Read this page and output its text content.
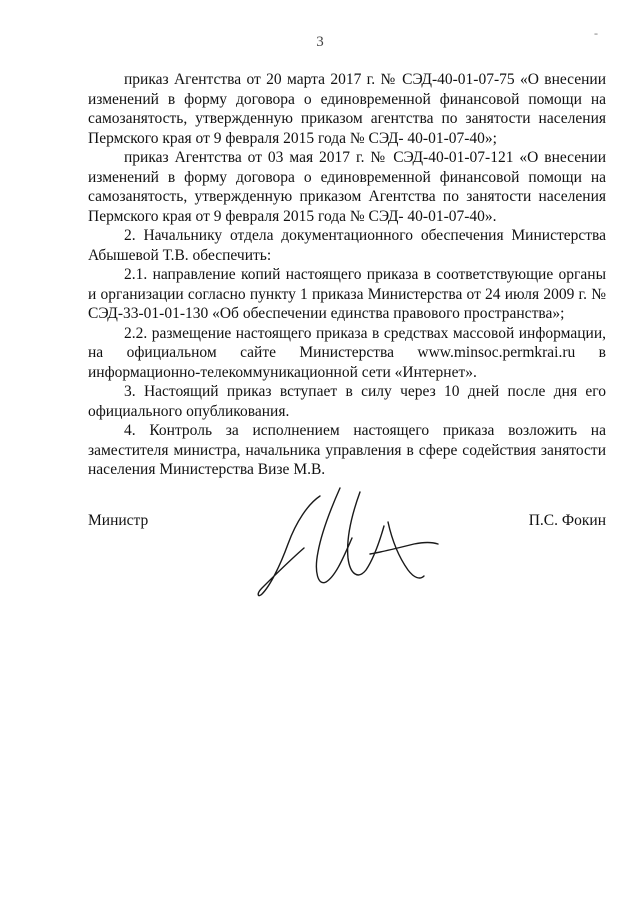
3
-

приказ Агентства от 20 марта 2017 г. № СЭД-40-01-07-75 «О внесении изменений в форму договора о единовременной финансовой помощи на самозанятость, утвержденную приказом агентства по занятости населения Пермского края от 9 февраля 2015 года № СЭД- 40-01-07-40»;

приказ Агентства от 03 мая 2017 г. № СЭД-40-01-07-121 «О внесении изменений в форму договора о единовременной финансовой помощи на самозанятость, утвержденную приказом Агентства по занятости населения Пермского края от 9 февраля 2015 года № СЭД- 40-01-07-40».

2. Начальнику отдела документационного обеспечения Министерства Абышевой Т.В. обеспечить:

2.1. направление копий настоящего приказа в соответствующие органы и организации согласно пункту 1 приказа Министерства от 24 июля 2009 г. № СЭД-33-01-01-130 «Об обеспечении единства правового пространства»;

2.2. размещение настоящего приказа в средствах массовой информации, на официальном сайте Министерства www.minsoc.permkrai.ru в информационно-телекоммуникационной сети «Интернет».

3. Настоящий приказ вступает в силу через 10 дней после дня его официального опубликования.

4. Контроль за исполнением настоящего приказа возложить на заместителя министра, начальника управления в сфере содействия занятости населения Министерства Визе М.В.

Министр	П.С. Фокин
